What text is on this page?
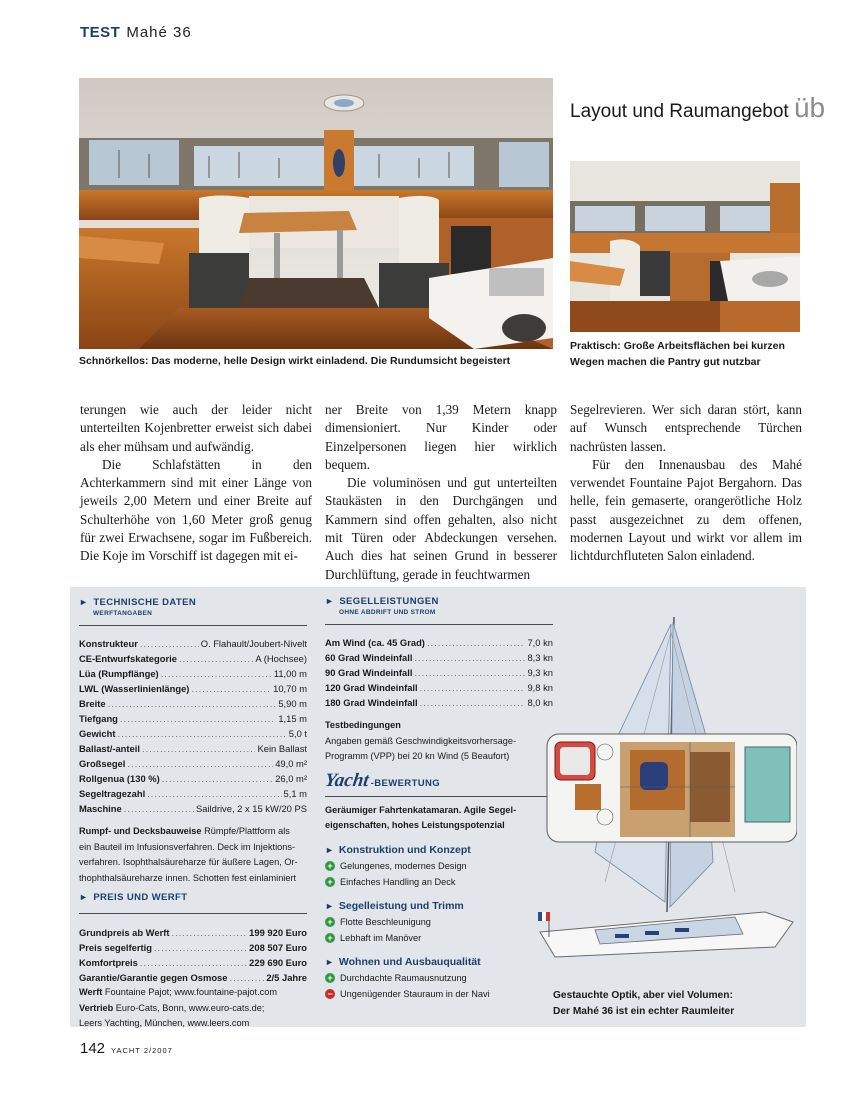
TEST Mahé 36
Schnörkellos: Das moderne, helle Design wirkt einladend. Die Rundumsicht begeistert
Layout und Raumangebot üb
Praktisch: Große Arbeitsflächen bei kurzen
Wegen machen die Pantry gut nutzbar

terungen wie auch der leider nicht unterteilten Kojenbretter erweist sich dabei als eher mühsam und aufwändig.

Die Schlafstätten in den Achterkammern sind mit einer Länge von jeweils 2,00 Metern und einer Breite auf Schulterhöhe von 1,60 Meter groß genug für zwei Erwachsene, sogar im Fußbereich. Die Koje im Vorschiff ist dagegen mit ei-

ner Breite von 1,39 Metern knapp dimensioniert. Nur Kinder oder Einzelpersonen liegen hier wirklich bequem.

Die voluminösen und gut unterteilten Staukästen in den Durchgängen und Kammern sind offen gehalten, also nicht mit Türen oder Abdeckungen versehen. Auch dies hat seinen Grund in besserer Durchlüftung, gerade in feuchtwarmen

Segelrevieren. Wer sich daran stört, kann auf Wunsch entsprechende Türchen nachrüsten lassen.

Für den Innenausbau des Mahé verwendet Fountaine Pajot Bergahorn. Das helle, fein gemaserte, orangerötliche Holz passt ausgezeichnet zu dem offenen, modernen Layout und wirkt vor allem im lichtdurchfluteten Salon einladend.

► TECHNISCHE DATEN
WERFTANGABEN
Konstrukteur .....	O. Flahault/Joubert-Nivelt
CE-Entwurfskategorie .....	A (Hochsee)
Lüa (Rumpflänge) .....	11,00 m
LWL (Wasserlinienlänge) .....	10,70 m
Breite .....	5,90 m
Tiefgang .....	1,15 m
Gewicht .....	5,0 t
Ballast/-anteil .....	Kein Ballast
Großsegel .....	49,0 m²
Rollgenua (130 %) .....	26,0 m²
Segeltragezahl .....	5,1 m
Maschine .....	Saildrive, 2 x 15 kW/20 PS
Rumpf- und Decksbauweise Rümpfe/Plattform als
ein Bauteil im Infusionsverfahren. Deck im Injektions-
verfahren. Isophthalsäureharze für äußere Lagen, Or-
thophthalsäureharze innen. Schotten fest einlaminiert
► PREIS UND WERFT
Grundpreis ab Werft .....	199 920 Euro
Preis segelfertig .....	208 507 Euro
Komfortpreis .....	229 690 Euro
Garantie/Garantie gegen Osmose .....	2/5 Jahre
Werft Fountaine Pajot; www.fountaine-pajot.com
Vertrieb Euro-Cats, Bonn, www.euro-cats.de;
Leers Yachting, München, www.leers.com
► SEGELLEISTUNGEN
OHNE ABDRIFT UND STROM
Am Wind (ca. 45 Grad) .....	7,0 kn
60 Grad Windeinfall .....	8,3 kn
90 Grad Windeinfall .....	9,3 kn
120 Grad Windeinfall .....	9,8 kn
180 Grad Windeinfall .....	8,0 kn
Testbedingungen
Angaben gemäß Geschwindigkeitsvorhersage-
Programm (VPP) bei 20 kn Wind (5 Beaufort)
Yacht -BEWERTUNG
Geräumiger Fahrtenkatamaran. Agile Segel-
eigenschaften, hohes Leistungspotenzial
► Konstruktion und Konzept
+ Gelungenes, modernes Design
+ Einfaches Handling an Deck
► Segelleistung und Trimm
+ Flotte Beschleunigung
+ Lebhaft im Manöver
► Wohnen und Ausbauqualität
+ Durchdachte Raumausnutzung
− Ungenügender Stauraum in der Navi	Gestauchte Optik, aber viel Volumen:
Der Mahé 36 ist ein echter Raumleiter
142 YACHT 2/2007
